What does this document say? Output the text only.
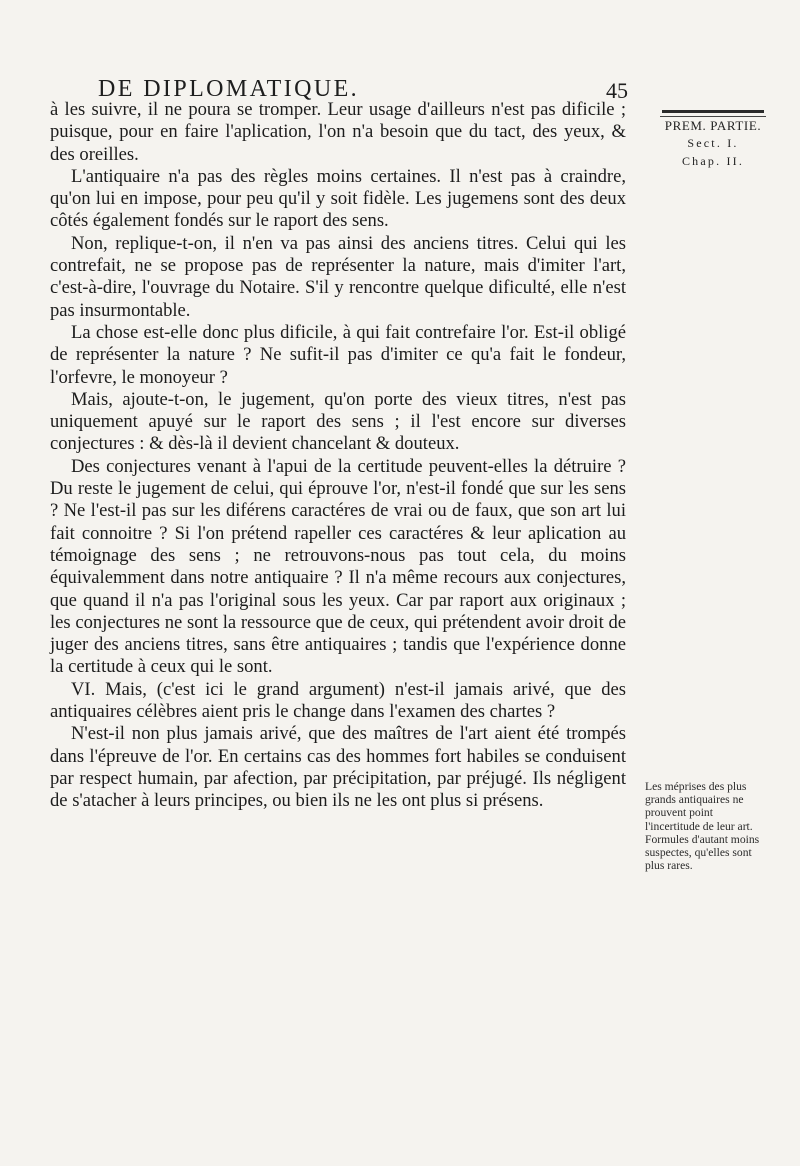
DE DIPLOMATIQUE.	45
PREM. PARTIE.
Sect. I.
Chap. II.

à les suivre, il ne poura se tromper. Leur usage d'ailleurs n'est pas dificile ; puisque, pour en faire l'aplication, l'on n'a besoin que du tact, des yeux, & des oreilles.

L'antiquaire n'a pas des règles moins certaines. Il n'est pas à craindre, qu'on lui en impose, pour peu qu'il y soit fidèle. Les jugemens sont des deux côtés également fondés sur le raport des sens.

Non, replique-t-on, il n'en va pas ainsi des anciens titres. Celui qui les contrefait, ne se propose pas de représenter la nature, mais d'imiter l'art, c'est-à-dire, l'ouvrage du Notaire. S'il y rencontre quelque dificulté, elle n'est pas insurmontable.

La chose est-elle donc plus dificile, à qui fait contrefaire l'or. Est-il obligé de représenter la nature ? Ne sufit-il pas d'imiter ce qu'a fait le fondeur, l'orfevre, le monoyeur ?

Mais, ajoute-t-on, le jugement, qu'on porte des vieux titres, n'est pas uniquement apuyé sur le raport des sens ; il l'est encore sur diverses conjectures : & dès-là il devient chancelant & douteux.

Des conjectures venant à l'apui de la certitude peuvent-elles la détruire ? Du reste le jugement de celui, qui éprouve l'or, n'est-il fondé que sur les sens ? Ne l'est-il pas sur les diférens caractéres de vrai ou de faux, que son art lui fait connoitre ? Si l'on prétend rapeller ces caractéres & leur aplication au témoignage des sens ; ne retrouvons-nous pas tout cela, du moins équivalemment dans notre antiquaire ? Il n'a même recours aux conjectures, que quand il n'a pas l'original sous les yeux. Car par raport aux originaux ; les conjectures ne sont la ressource que de ceux, qui prétendent avoir droit de juger des anciens titres, sans être antiquaires ; tandis que l'expérience donne la certitude à ceux qui le sont.

VI. Mais, (c'est ici le grand argument) n'est-il jamais arivé, que des antiquaires célèbres aient pris le change dans l'examen des chartes ?

N'est-il non plus jamais arivé, que des maîtres de l'art aient été trompés dans l'épreuve de l'or. En certains cas des hommes fort habiles se conduisent par respect humain, par afection, par précipitation, par préjugé. Ils négligent de s'atacher à leurs principes, ou bien ils ne les ont plus si présens.

Les méprises des plus grands antiquaires ne prouvent point l'incertitude de leur art. Formules d'autant moins suspectes, qu'elles sont plus rares.
